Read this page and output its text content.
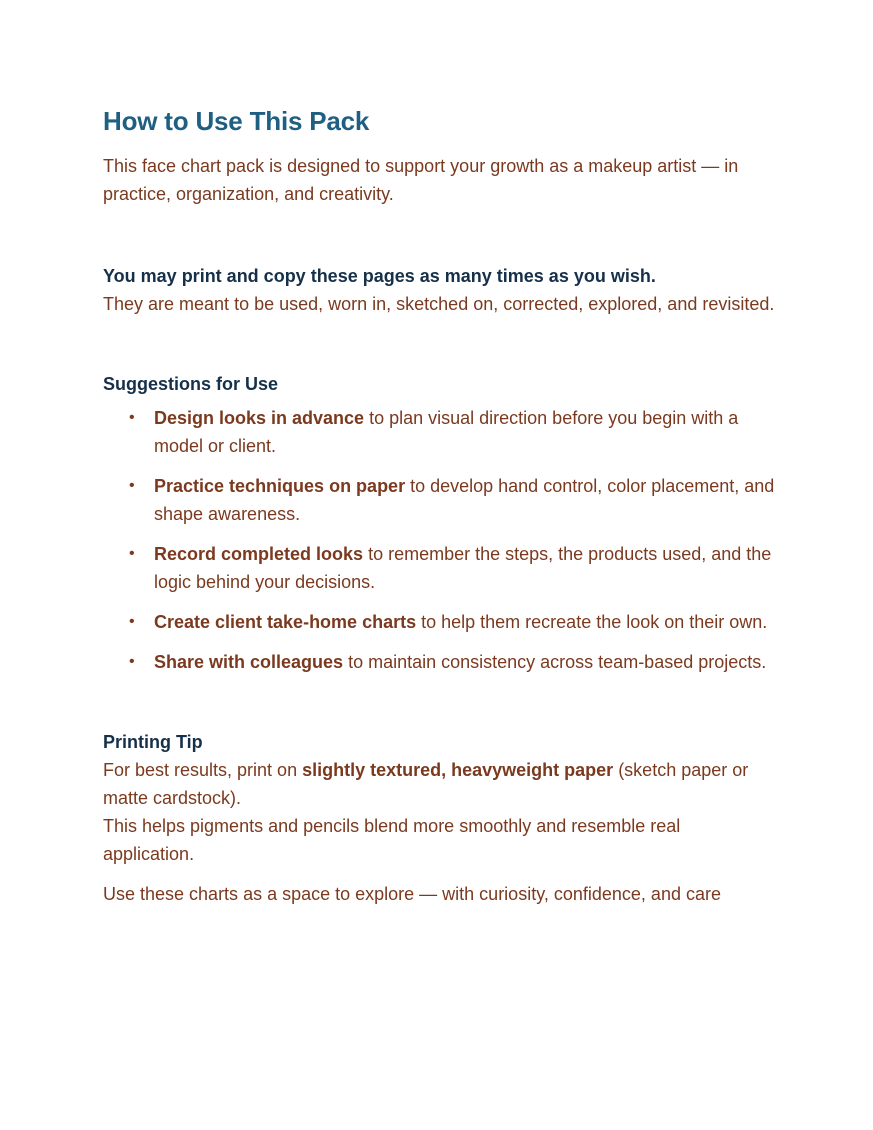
How to Use This Pack

This face chart pack is designed to support your growth as a makeup artist — in practice, organization, and creativity.

You may print and copy these pages as many times as you wish.

They are meant to be used, worn in, sketched on, corrected, explored, and revisited.

Suggestions for Use
• Design looks in advance to plan visual direction before you begin with a model or client.
• Practice techniques on paper to develop hand control, color placement, and shape awareness.
• Record completed looks to remember the steps, the products used, and the logic behind your decisions.
• Create client take-home charts to help them recreate the look on their own.
• Share with colleagues to maintain consistency across team-based projects.

Printing Tip

For best results, print on slightly textured, heavyweight paper (sketch paper or matte cardstock).

This helps pigments and pencils blend more smoothly and resemble real application.

Use these charts as a space to explore — with curiosity, confidence, and care
